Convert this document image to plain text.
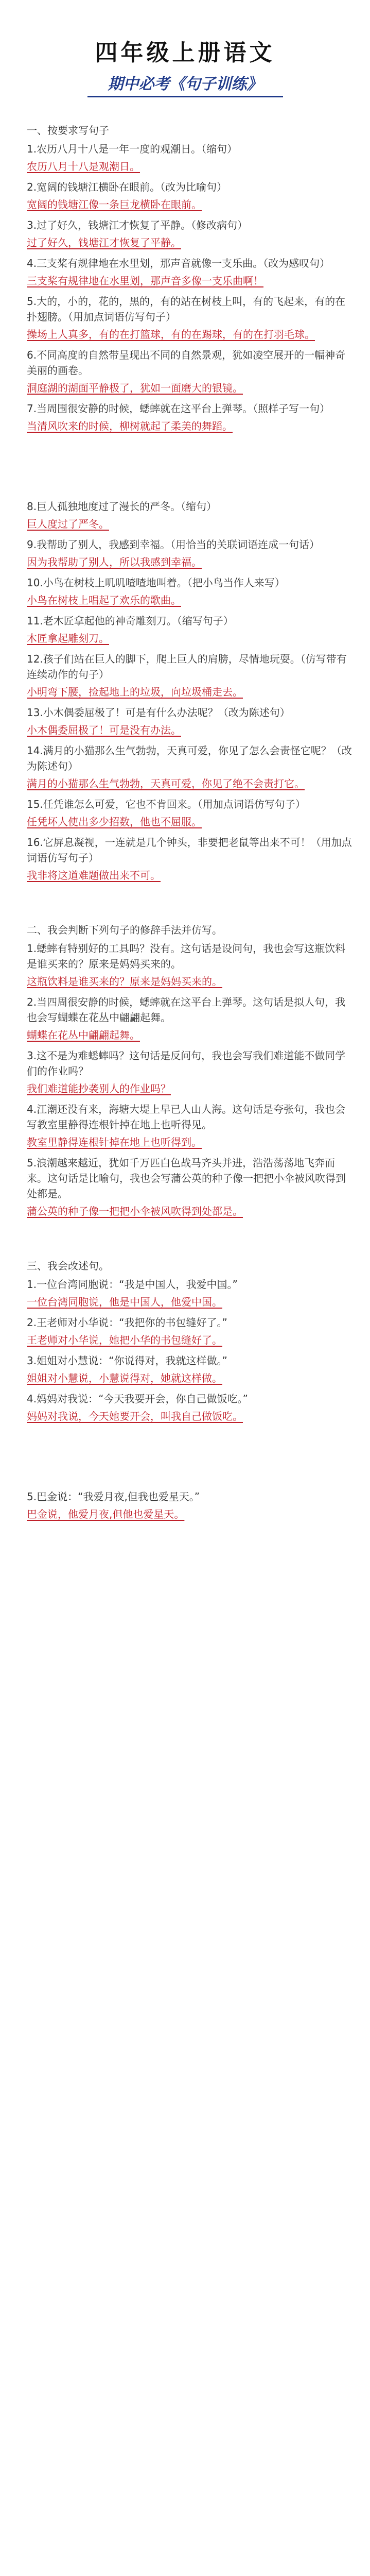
四年级上册语文
期中必考《句子训练》
一、按要求写句子
1.农历八月十八是一年一度的观潮日。（缩句）
农历八月十八是观潮日。
2.宽阔的钱塘江横卧在眼前。（改为比喻句）
宽阔的钱塘江像一条巨龙横卧在眼前。
3.过了好久，钱塘江才恢复了平静。（修改病句）
过了好久，钱塘江才恢复了平静。
4.三支桨有规律地在水里划，那声音就像一支乐曲。（改为感叹句）
三支桨有规律地在水里划，那声音多像一支乐曲啊！
5.大的，小的，花的，黑的，有的站在树枝上叫，有的飞起来，有的在扑翅膀。（用加点词语仿写句子）
操场上人真多，有的在打篮球，有的在踢球，有的在打羽毛球。
6.不同高度的自然带呈现出不同的自然景观，犹如凌空展开的一幅神奇美丽的画卷。
洞庭湖的湖面平静极了，犹如一面磨大的银镜。
7.当周围很安静的时候，蟋蟀就在这平台上弹琴。（照样子写一句）
当清风吹来的时候，柳树就起了柔美的舞蹈。
8.巨人孤独地度过了漫长的严冬。（缩句）
巨人度过了严冬。
9.我帮助了别人，我感到幸福。（用恰当的关联词语连成一句话）
因为我帮助了别人，所以我感到幸福。
10.小鸟在树枝上叽叽喳喳地叫着。（把小鸟当作人来写）
小鸟在树枝上唱起了欢乐的歌曲。
11.老木匠拿起他的神奇雕刻刀。（缩写句子）
木匠拿起雕刻刀。
12.孩子们站在巨人的脚下，爬上巨人的肩膀，尽情地玩耍。（仿写带有连续动作的句子）
小明弯下腰，捡起地上的垃圾，向垃圾桶走去。
13.小木偶委屈极了！可是有什么办法呢？（改为陈述句）
小木偶委屈极了！可是没有办法。
14.满月的小猫那么生气勃勃，天真可爱，你见了怎么会责怪它呢？（改为陈述句）
满月的小猫那么生气勃勃，天真可爱，你见了绝不会责打它。
15.任凭谁怎么可爱，它也不肯回来。（用加点词语仿写句子）
任凭坏人使出多少招数，他也不屈服。
16.它屏息凝视，一连就是几个钟头，非要把老鼠等出来不可！（用加点词语仿写句子）
我非将这道难题做出来不可。
二、我会判断下列句子的修辞手法并仿写。
1.蟋蟀有特别好的工具吗？没有。这句话是设问句，我也会写这瓶饮料是谁买来的？原来是妈妈买来的。
这瓶饮料是谁买来的？原来是妈妈买来的。
2.当四周很安静的时候，蟋蟀就在这平台上弹琴。这句话是拟人句，我也会写蝴蝶在花丛中翩翩起舞。
蝴蝶在花丛中翩翩起舞。
3.这不是为难蟋蟀吗？这句话是反问句，我也会写我们难道能不做同学们的作业吗？
我们难道能抄袭别人的作业吗？
4.江潮还没有来，海塘大堤上早已人山人海。这句话是夸张句，我也会写教室里静得连根针掉在地上也听得见。
教室里静得连根针掉在地上也听得到。
5.浪潮越来越近，犹如千万匹白色战马齐头并进，浩浩荡荡地飞奔而来。这句话是比喻句，我也会写蒲公英的种子像一把把小伞被风吹得到处都是。
蒲公英的种子像一把把小伞被风吹得到处都是。
三、我会改述句。
1.一位台湾同胞说：“我是中国人，我爱中国。”
一位台湾同胞说，他是中国人，他爱中国。
2.王老师对小华说：“我把你的书包缝好了。”
王老师对小华说，她把小华的书包缝好了。
3.姐姐对小慧说：“你说得对，我就这样做。”
姐姐对小慧说，小慧说得对，她就这样做。
4.妈妈对我说：“今天我要开会，你自己做饭吃。”
妈妈对我说，今天她要开会，叫我自己做饭吃。
5.巴金说：“我爱月夜,但我也爱星天。”
巴金说，他爱月夜,但他也爱星天。
